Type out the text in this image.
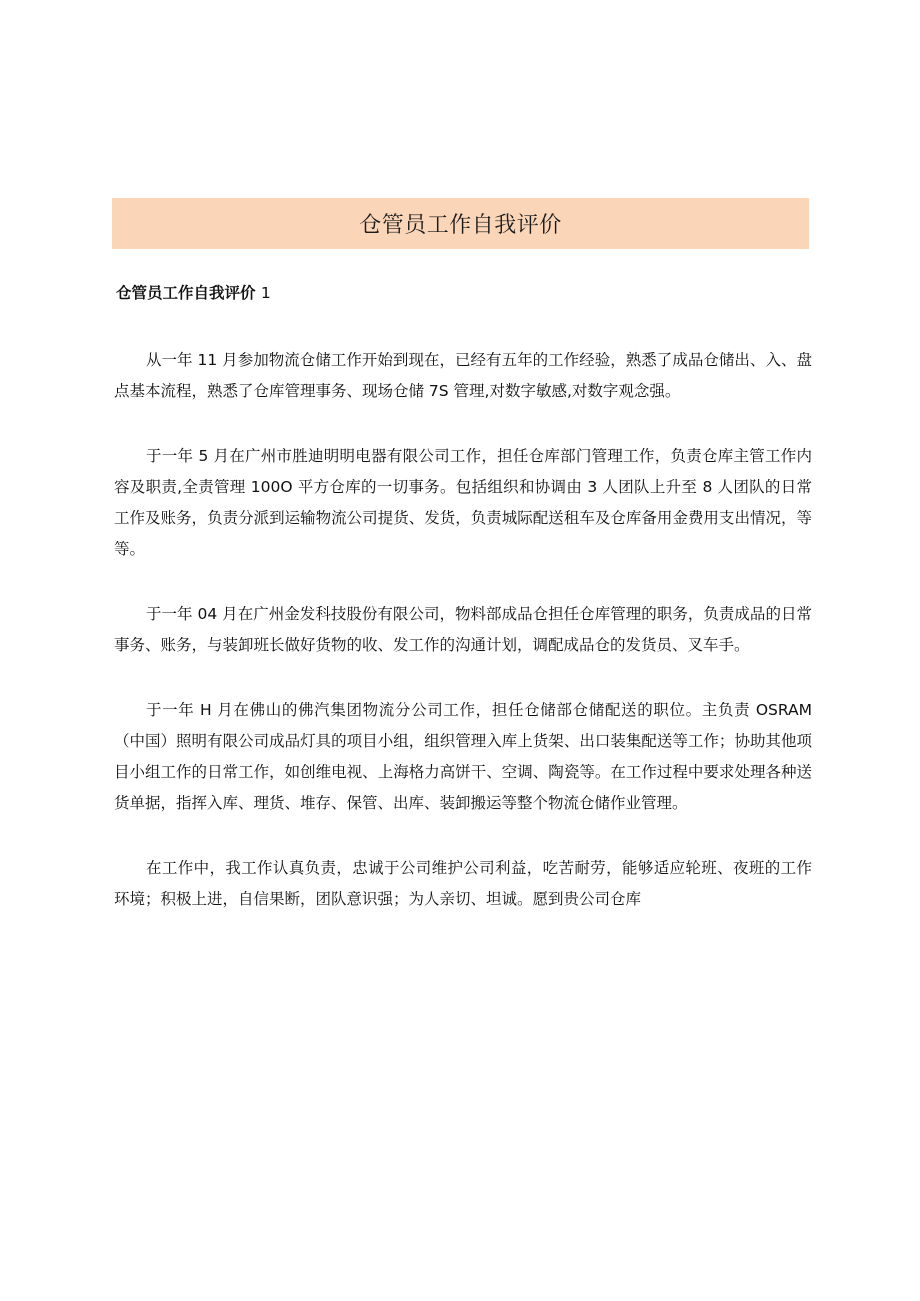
仓管员工作自我评价
仓管员工作自我评价 1

从一年 11 月参加物流仓储工作开始到现在，已经有五年的工作经验，熟悉了成品仓储出、入、盘点基本流程，熟悉了仓库管理事务、现场仓储 7S 管理,对数字敏感,对数字观念强。

于一年 5 月在广州市胜迪明明电器有限公司工作，担任仓库部门管理工作，负责仓库主管工作内容及职责,全责管理 100O 平方仓库的一切事务。包括组织和协调由 3 人团队上升至 8 人团队的日常工作及账务，负责分派到运输物流公司提货、发货，负责城际配送租车及仓库备用金费用支出情况，等等。

于一年 04 月在广州金发科技股份有限公司，物料部成品仓担任仓库管理的职务，负责成品的日常事务、账务，与装卸班长做好货物的收、发工作的沟通计划，调配成品仓的发货员、叉车手。

于一年 H 月在佛山的佛汽集团物流分公司工作，担任仓储部仓储配送的职位。主负责 OSRAM（中国）照明有限公司成品灯具的项目小组，组织管理入库上货架、出口装集配送等工作；协助其他项目小组工作的日常工作，如创维电视、上海格力高饼干、空调、陶瓷等。在工作过程中要求处理各种送货单据，指挥入库、理货、堆存、保管、出库、装卸搬运等整个物流仓储作业管理。

在工作中，我工作认真负责，忠诚于公司维护公司利益，吃苦耐劳，能够适应轮班、夜班的工作环境；积极上进，自信果断，团队意识强；为人亲切、坦诚。愿到贵公司仓库
